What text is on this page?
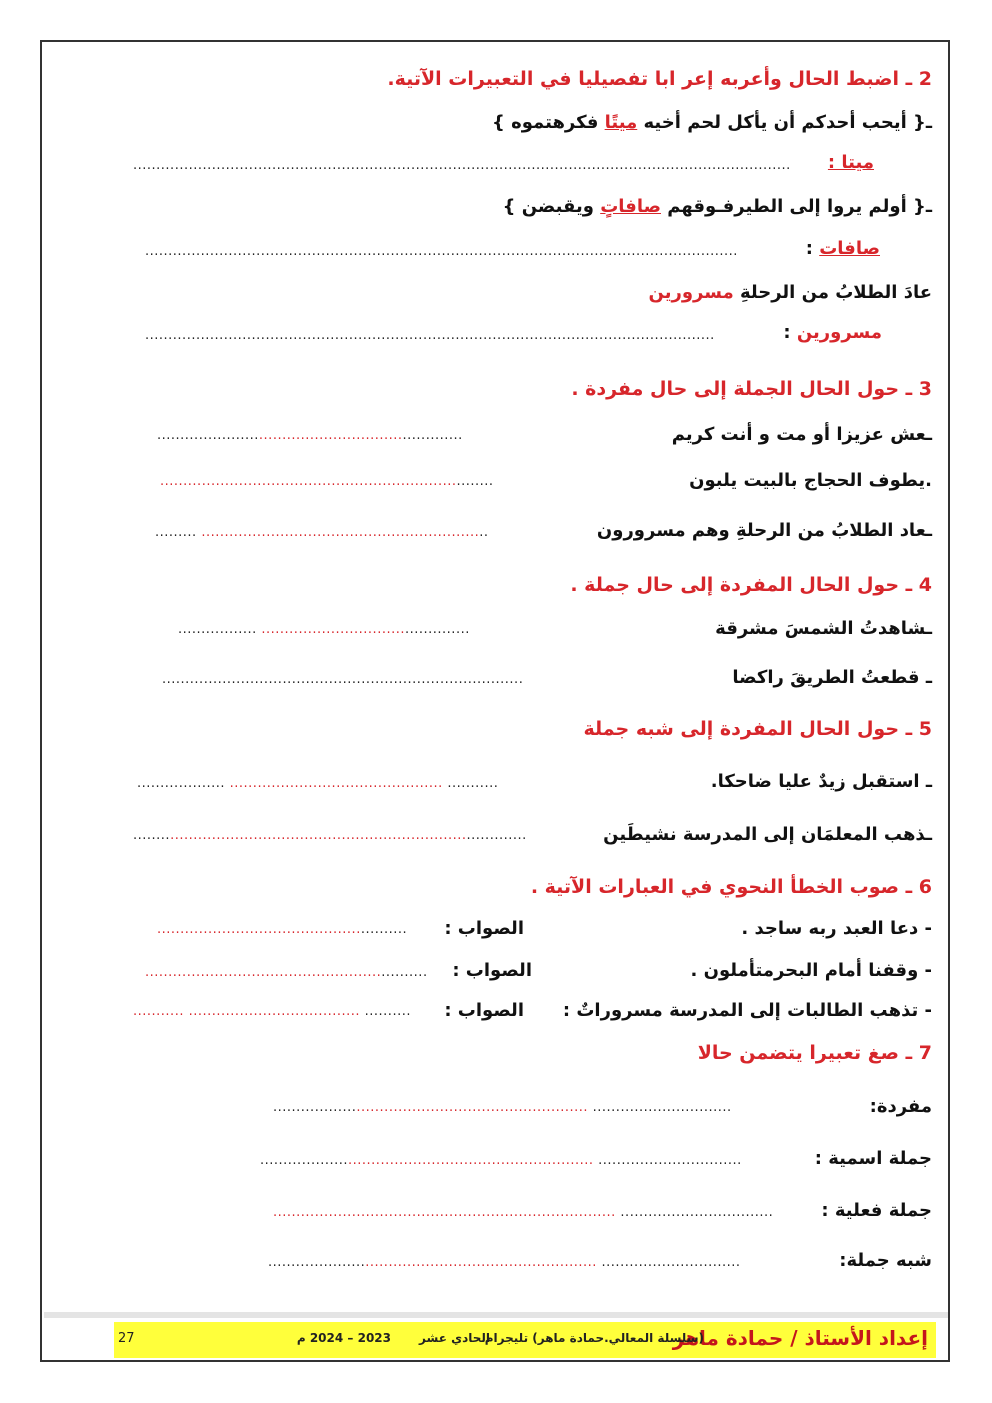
2 ـ اضبط الحال وأعربه إعر ابا تفصيليا في التعبيرات الآتية.
ـ{ أيحب أحدكم أن يأكل لحم أخيه ميتًا فكرهتموه }
ميتا :
..............................................................................................................................................
ـ{ أولم يروا إلى الطيرفـوقهم صافاتٍ ويقبضن }
صافات :
................................................................................................................................
عادَ الطلابُ من الرحلةِ مسرورين
مسرورين :
...........................................................................................................................
3 ـ حول الحال الجملة إلى حال مفردة .
ـعش عزيزا أو مت و أنت كريم
..................................................................
.يطوف الحجاج بالبيت يلبون
........................................................................
ـعاد الطلابُ من الرحلةِ وهم مسرورون
......... ..............................................................
4 ـ حول الحال المفردة إلى حال جملة .
ـشاهدتُ الشمسَ مشرقة
................. .............................................
ـ قطعتُ الطريقَ راكضا
..............................................................................
5 ـ حول الحال المفردة إلى شبه جملة
ـ استقبل زيدٌ عليا ضاحكا.
................... .............................................. ...........
ـذهب المعلمَان إلى المدرسة نشيطَين
.....................................................................................
6 ـ صوب الخطأ النحوي في العبارات الآتية .
- دعا العبد ربه ساجد .
الصواب :
......................................................
- وقفنا أمام البحرمتأملون .
الصواب :
.............................................................
- تذهب الطالبات إلى المدرسة مسروراتٌ :
الصواب :
........... ..................................... ..........
7 ـ صغ تعبيرا يتضمن حالا
مفردة:
.................................................................... ..............................
جملة اسمية :
........................................................................ ...............................
جملة فعلية :
.......................................................................... .................................
شبه جملة:
....................................................................... ..............................
إعداد الأستاذ / حمادة ماهر
(سلسلة المعالي.حمادة ماهر) تليجرام
الحادي عشر
2023 – 2024 م
27
